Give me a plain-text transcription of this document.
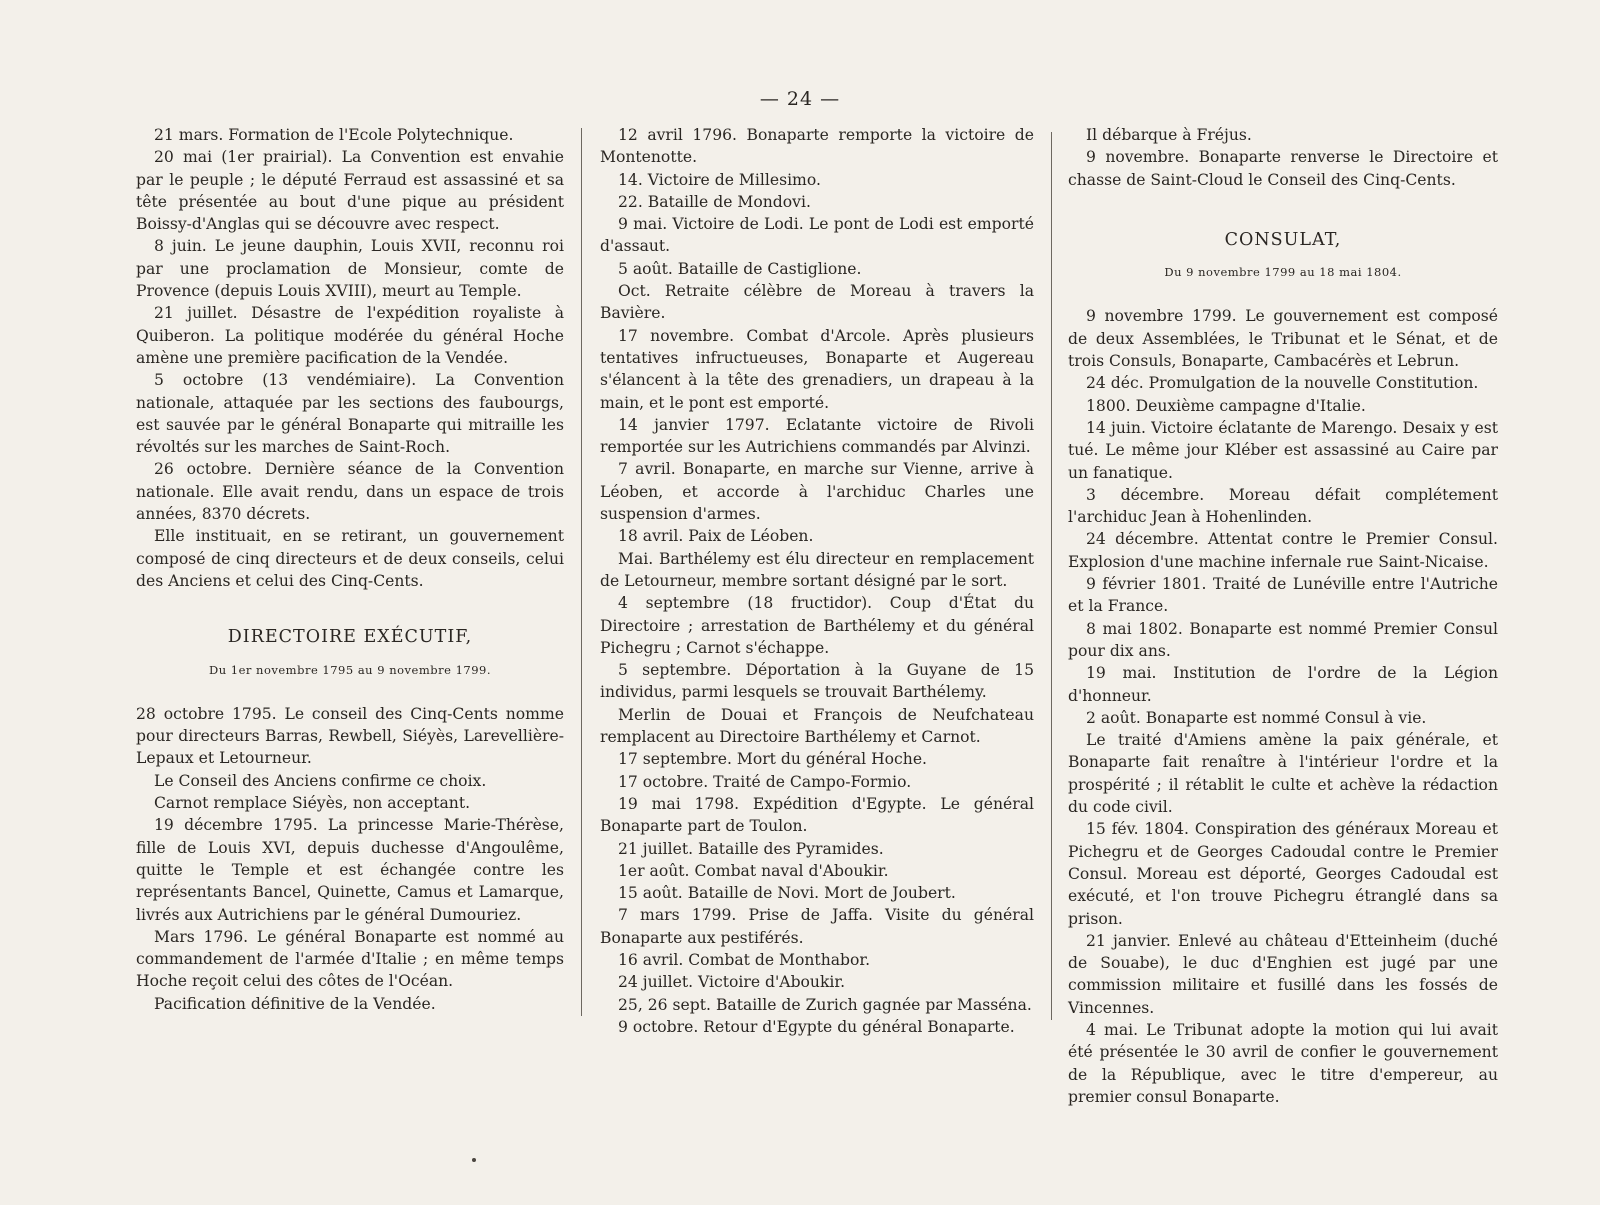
— 24 —

21 mars. Formation de l'Ecole Polytechnique.

20 mai (1er prairial). La Convention est envahie par le peuple ; le député Ferraud est assassiné et sa tête présentée au bout d'une pique au président Boissy-d'Anglas qui se découvre avec respect.

8 juin. Le jeune dauphin, Louis XVII, reconnu roi par une proclamation de Monsieur, comte de Provence (depuis Louis XVIII), meurt au Temple.

21 juillet. Désastre de l'expédition royaliste à Quiberon. La politique modérée du général Hoche amène une première pacification de la Vendée.

5 octobre (13 vendémiaire). La Convention nationale, attaquée par les sections des faubourgs, est sauvée par le général Bonaparte qui mitraille les révoltés sur les marches de Saint-Roch.

26 octobre. Dernière séance de la Convention nationale. Elle avait rendu, dans un espace de trois années, 8370 décrets.

Elle instituait, en se retirant, un gouvernement composé de cinq directeurs et de deux conseils, celui des Anciens et celui des Cinq-Cents.

DIRECTOIRE EXÉCUTIF,
Du 1er novembre 1795 au 9 novembre 1799.

28 octobre 1795. Le conseil des Cinq-Cents nomme pour directeurs Barras, Rewbell, Siéyès, Larevellière-Lepaux et Letourneur.

Le Conseil des Anciens confirme ce choix.

Carnot remplace Siéyès, non acceptant.

19 décembre 1795. La princesse Marie-Thérèse, fille de Louis XVI, depuis duchesse d'Angoulême, quitte le Temple et est échangée contre les représentants Bancel, Quinette, Camus et Lamarque, livrés aux Autrichiens par le général Dumouriez.

Mars 1796. Le général Bonaparte est nommé au commandement de l'armée d'Italie ; en même temps Hoche reçoit celui des côtes de l'Océan.

Pacification définitive de la Vendée.

12 avril 1796. Bonaparte remporte la victoire de Montenotte.

14. Victoire de Millesimo.

22. Bataille de Mondovi.

9 mai. Victoire de Lodi. Le pont de Lodi est emporté d'assaut.

5 août. Bataille de Castiglione.

Oct. Retraite célèbre de Moreau à travers la Bavière.

17 novembre. Combat d'Arcole. Après plusieurs tentatives infructueuses, Bonaparte et Augereau s'élancent à la tête des grenadiers, un drapeau à la main, et le pont est emporté.

14 janvier 1797. Eclatante victoire de Rivoli remportée sur les Autrichiens commandés par Alvinzi.

7 avril. Bonaparte, en marche sur Vienne, arrive à Léoben, et accorde à l'archiduc Charles une suspension d'armes.

18 avril. Paix de Léoben.

Mai. Barthélemy est élu directeur en remplacement de Letourneur, membre sortant désigné par le sort.

4 septembre (18 fructidor). Coup d'État du Directoire ; arrestation de Barthélemy et du général Pichegru ; Carnot s'échappe.

5 septembre. Déportation à la Guyane de 15 individus, parmi lesquels se trouvait Barthélemy.

Merlin de Douai et François de Neufchateau remplacent au Directoire Barthélemy et Carnot.

17 septembre. Mort du général Hoche.

17 octobre. Traité de Campo-Formio.

19 mai 1798. Expédition d'Egypte. Le général Bonaparte part de Toulon.

21 juillet. Bataille des Pyramides.

1er août. Combat naval d'Aboukir.

15 août. Bataille de Novi. Mort de Joubert.

7 mars 1799. Prise de Jaffa. Visite du général Bonaparte aux pestiférés.

16 avril. Combat de Monthabor.

24 juillet. Victoire d'Aboukir.

25, 26 sept. Bataille de Zurich gagnée par Masséna.

9 octobre. Retour d'Egypte du général Bonaparte.

Il débarque à Fréjus.

9 novembre. Bonaparte renverse le Directoire et chasse de Saint-Cloud le Conseil des Cinq-Cents.

CONSULAT,
Du 9 novembre 1799 au 18 mai 1804.

9 novembre 1799. Le gouvernement est composé de deux Assemblées, le Tribunat et le Sénat, et de trois Consuls, Bonaparte, Cambacérès et Lebrun.

24 déc. Promulgation de la nouvelle Constitution.

1800. Deuxième campagne d'Italie.

14 juin. Victoire éclatante de Marengo. Desaix y est tué. Le même jour Kléber est assassiné au Caire par un fanatique.

3 décembre. Moreau défait complétement l'archiduc Jean à Hohenlinden.

24 décembre. Attentat contre le Premier Consul. Explosion d'une machine infernale rue Saint-Nicaise.

9 février 1801. Traité de Lunéville entre l'Autriche et la France.

8 mai 1802. Bonaparte est nommé Premier Consul pour dix ans.

19 mai. Institution de l'ordre de la Légion d'honneur.

2 août. Bonaparte est nommé Consul à vie.

Le traité d'Amiens amène la paix générale, et Bonaparte fait renaître à l'intérieur l'ordre et la prospérité ; il rétablit le culte et achève la rédaction du code civil.

15 fév. 1804. Conspiration des généraux Moreau et Pichegru et de Georges Cadoudal contre le Premier Consul. Moreau est déporté, Georges Cadoudal est exécuté, et l'on trouve Pichegru étranglé dans sa prison.

21 janvier. Enlevé au château d'Etteinheim (duché de Souabe), le duc d'Enghien est jugé par une commission militaire et fusillé dans les fossés de Vincennes.

4 mai. Le Tribunat adopte la motion qui lui avait été présentée le 30 avril de confier le gouvernement de la République, avec le titre d'empereur, au premier consul Bonaparte.
